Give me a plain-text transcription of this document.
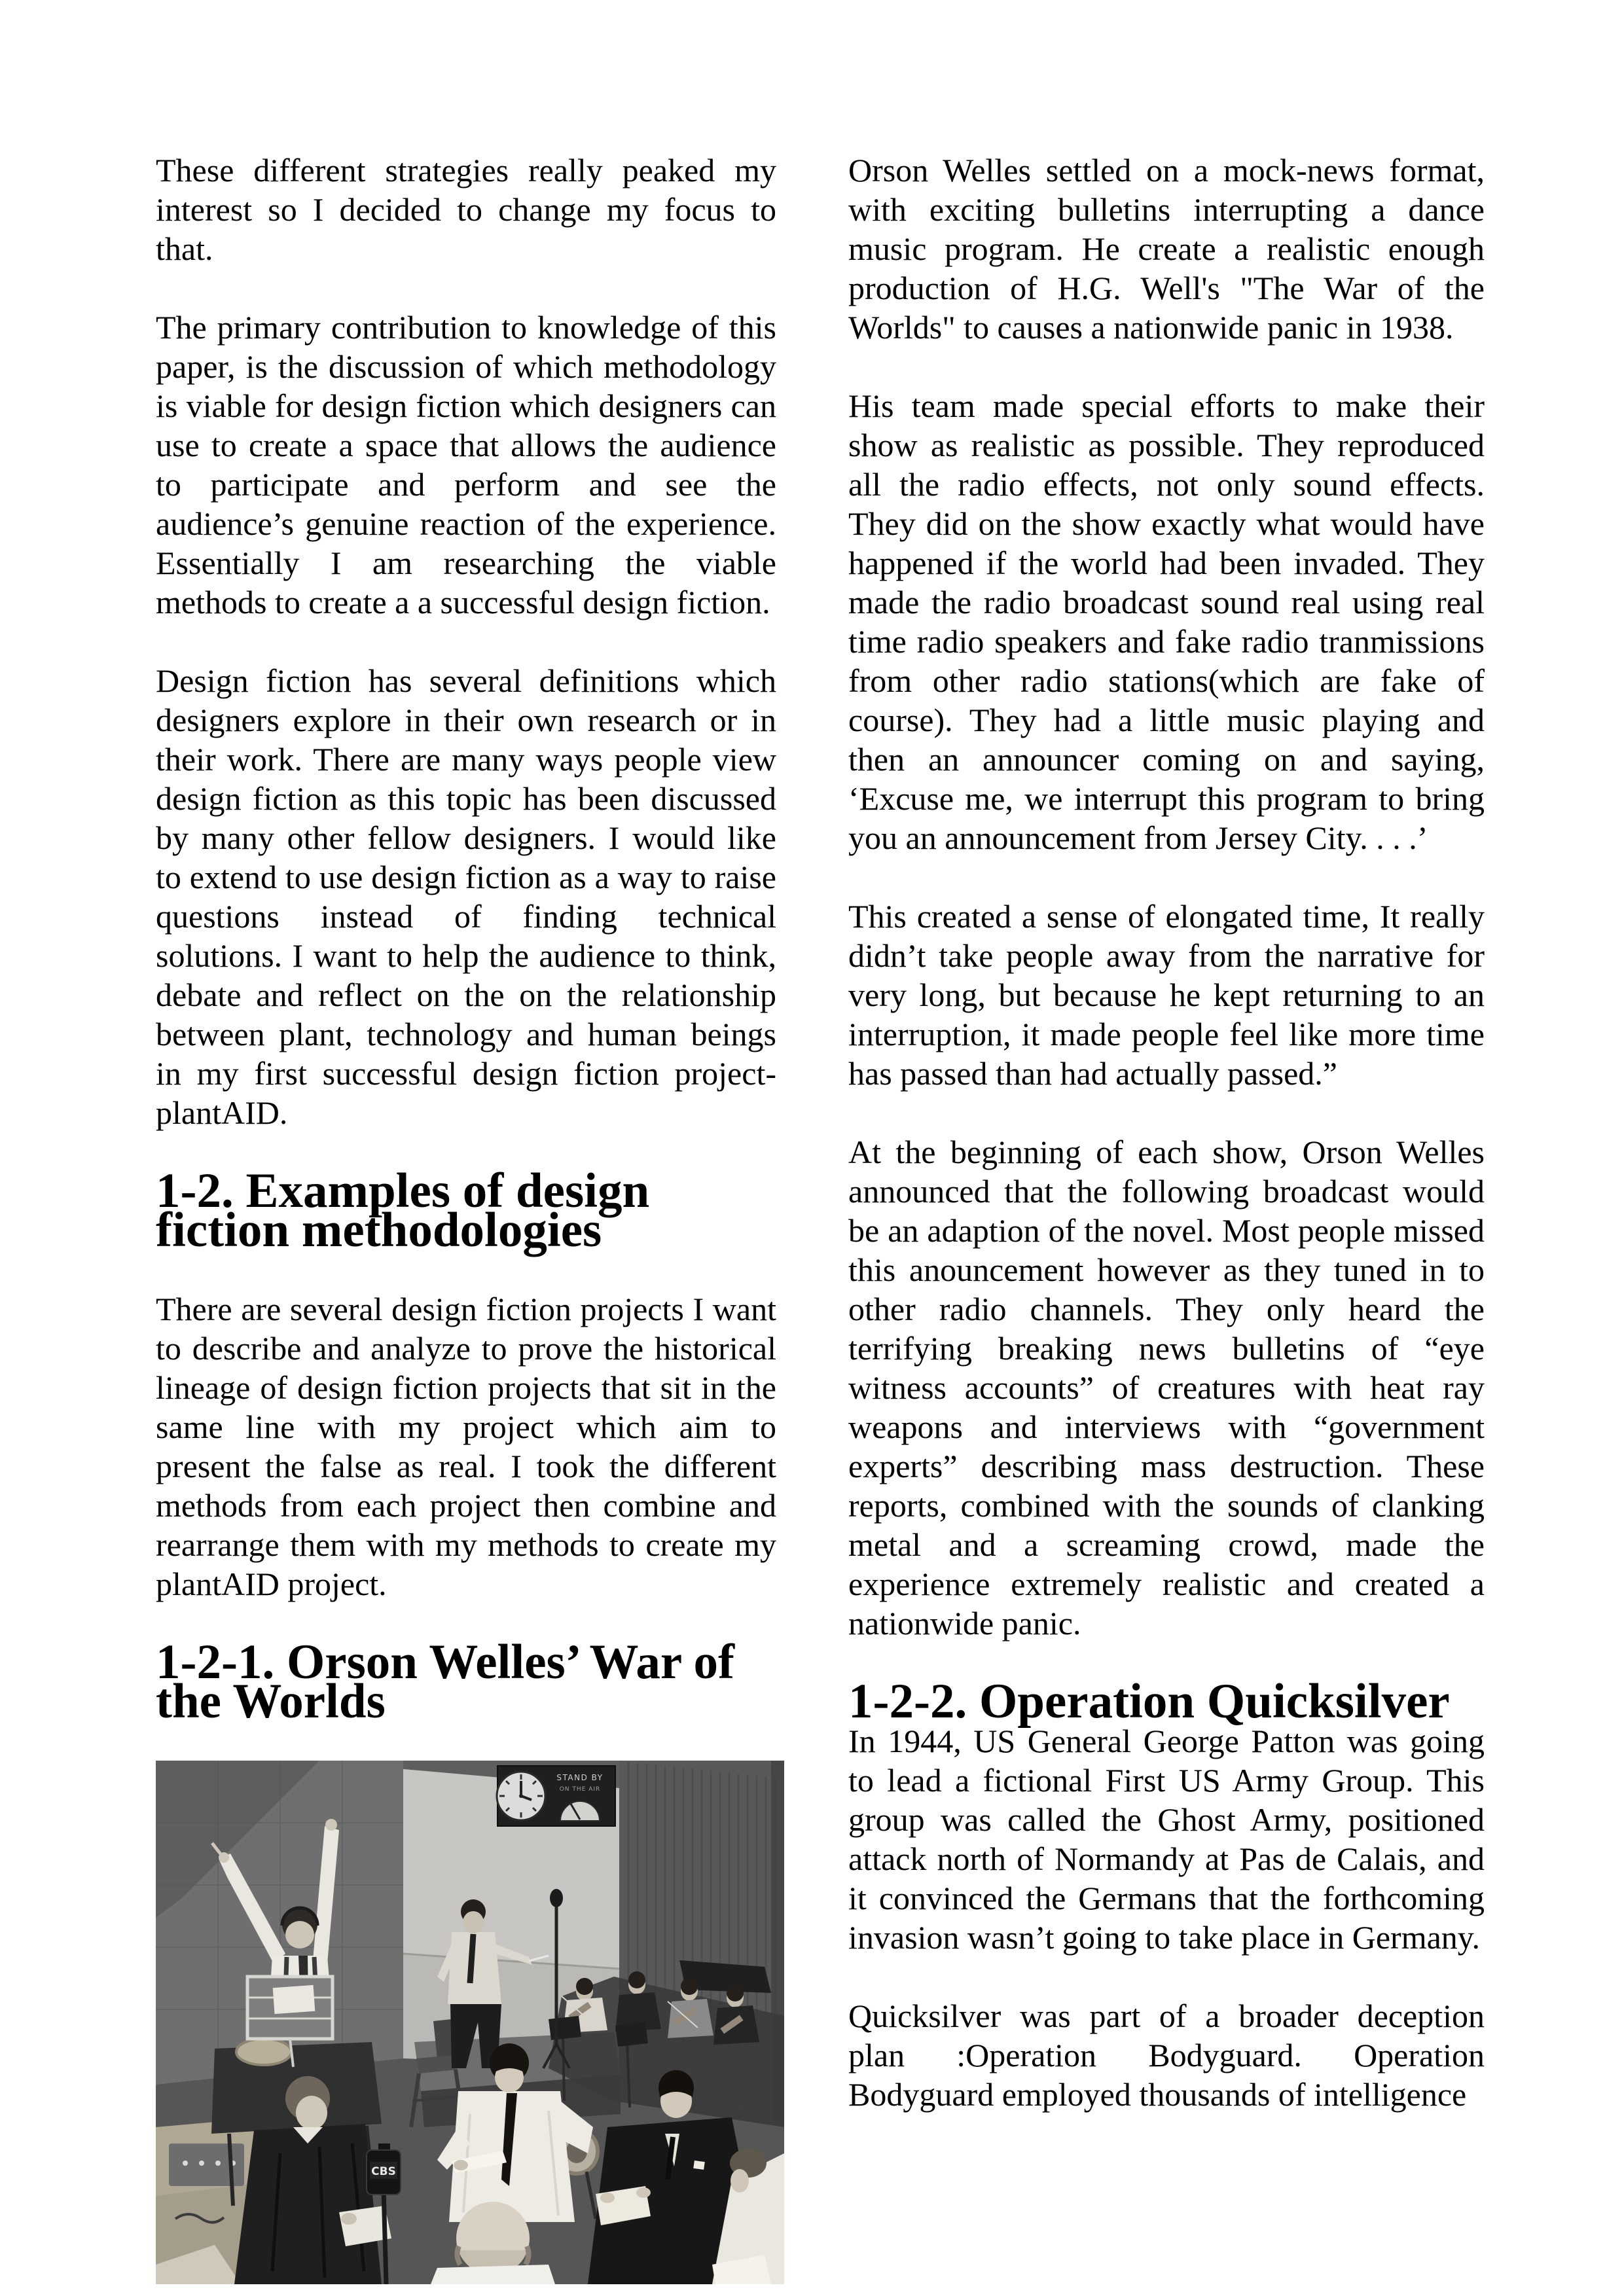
These different strategies really peaked my interest so I decided to change my focus to that.

The primary contribution to knowledge of this paper, is the discussion of which methodology is viable for design fiction which designers can use to create a space that allows the audience to participate and perform and see the audience’s genuine reaction of the experience. Essentially I am researching the viable methods to create a a successful design fiction.

Design fiction has several definitions which designers explore in their own research or in their work. There are many ways people view design fiction as this topic has been discussed by many other fellow designers. I would like to extend to use design fiction as a way to raise questions instead of finding technical solutions. I want to help the audience to think, debate and reflect on the on the relationship between plant, technology and human beings in my first successful design fiction project-plantAID.

1-2. Examples of design fiction methodologies

There are several design fiction projects I want to describe and analyze to prove the historical lineage of design fiction projects that sit in the same line with my project which aim to present the false as real. I took the different methods from each project then combine and rearrange them with my methods to create my plantAID project.

1-2-1. Orson Welles’ War of the Worlds
STAND BY
ON THE AIR
CBS

Orson Welles settled on a mock-news format, with exciting bulletins interrupting a dance music program. He create a realistic enough production of H.G. Well's "The War of the Worlds" to causes a nationwide panic in 1938.

His team made special efforts to make their show as realistic as possible. They reproduced all the radio effects, not only sound effects. They did on the show exactly what would have happened if the world had been invaded. They made the radio broadcast sound real using real time radio speakers and fake radio tranmissions from other radio stations(which are fake of course). They had a little music playing and then an announcer coming on and saying, ‘Excuse me, we interrupt this program to bring you an announcement from Jersey City. . . .’

This created a sense of elongated time, It really didn’t take people away from the narrative for very long, but because he kept returning to an interruption, it made people feel like more time has passed than had actually passed.”

At the beginning of each show, Orson Welles announced that the following broadcast would be an adaption of the novel. Most people missed this anouncement however as they tuned in to other radio channels. They only heard the terrifying breaking news bulletins of “eye witness accounts” of creatures with heat ray weapons and interviews with “government experts” describing mass destruction. These reports, combined with the sounds of clanking metal and a screaming crowd, made the experience extremely realistic and created a nationwide panic.

1-2-2. Operation Quicksilver

In 1944, US General George Patton was going to lead a fictional First US Army Group. This group was called the Ghost Army, positioned attack north of Normandy at Pas de Calais, and it convinced the Germans that the forthcoming invasion wasn’t going to take place in Germany.

Quicksilver was part of a broader deception plan :Operation Bodyguard. Operation Bodyguard employed thousands of intelligence
